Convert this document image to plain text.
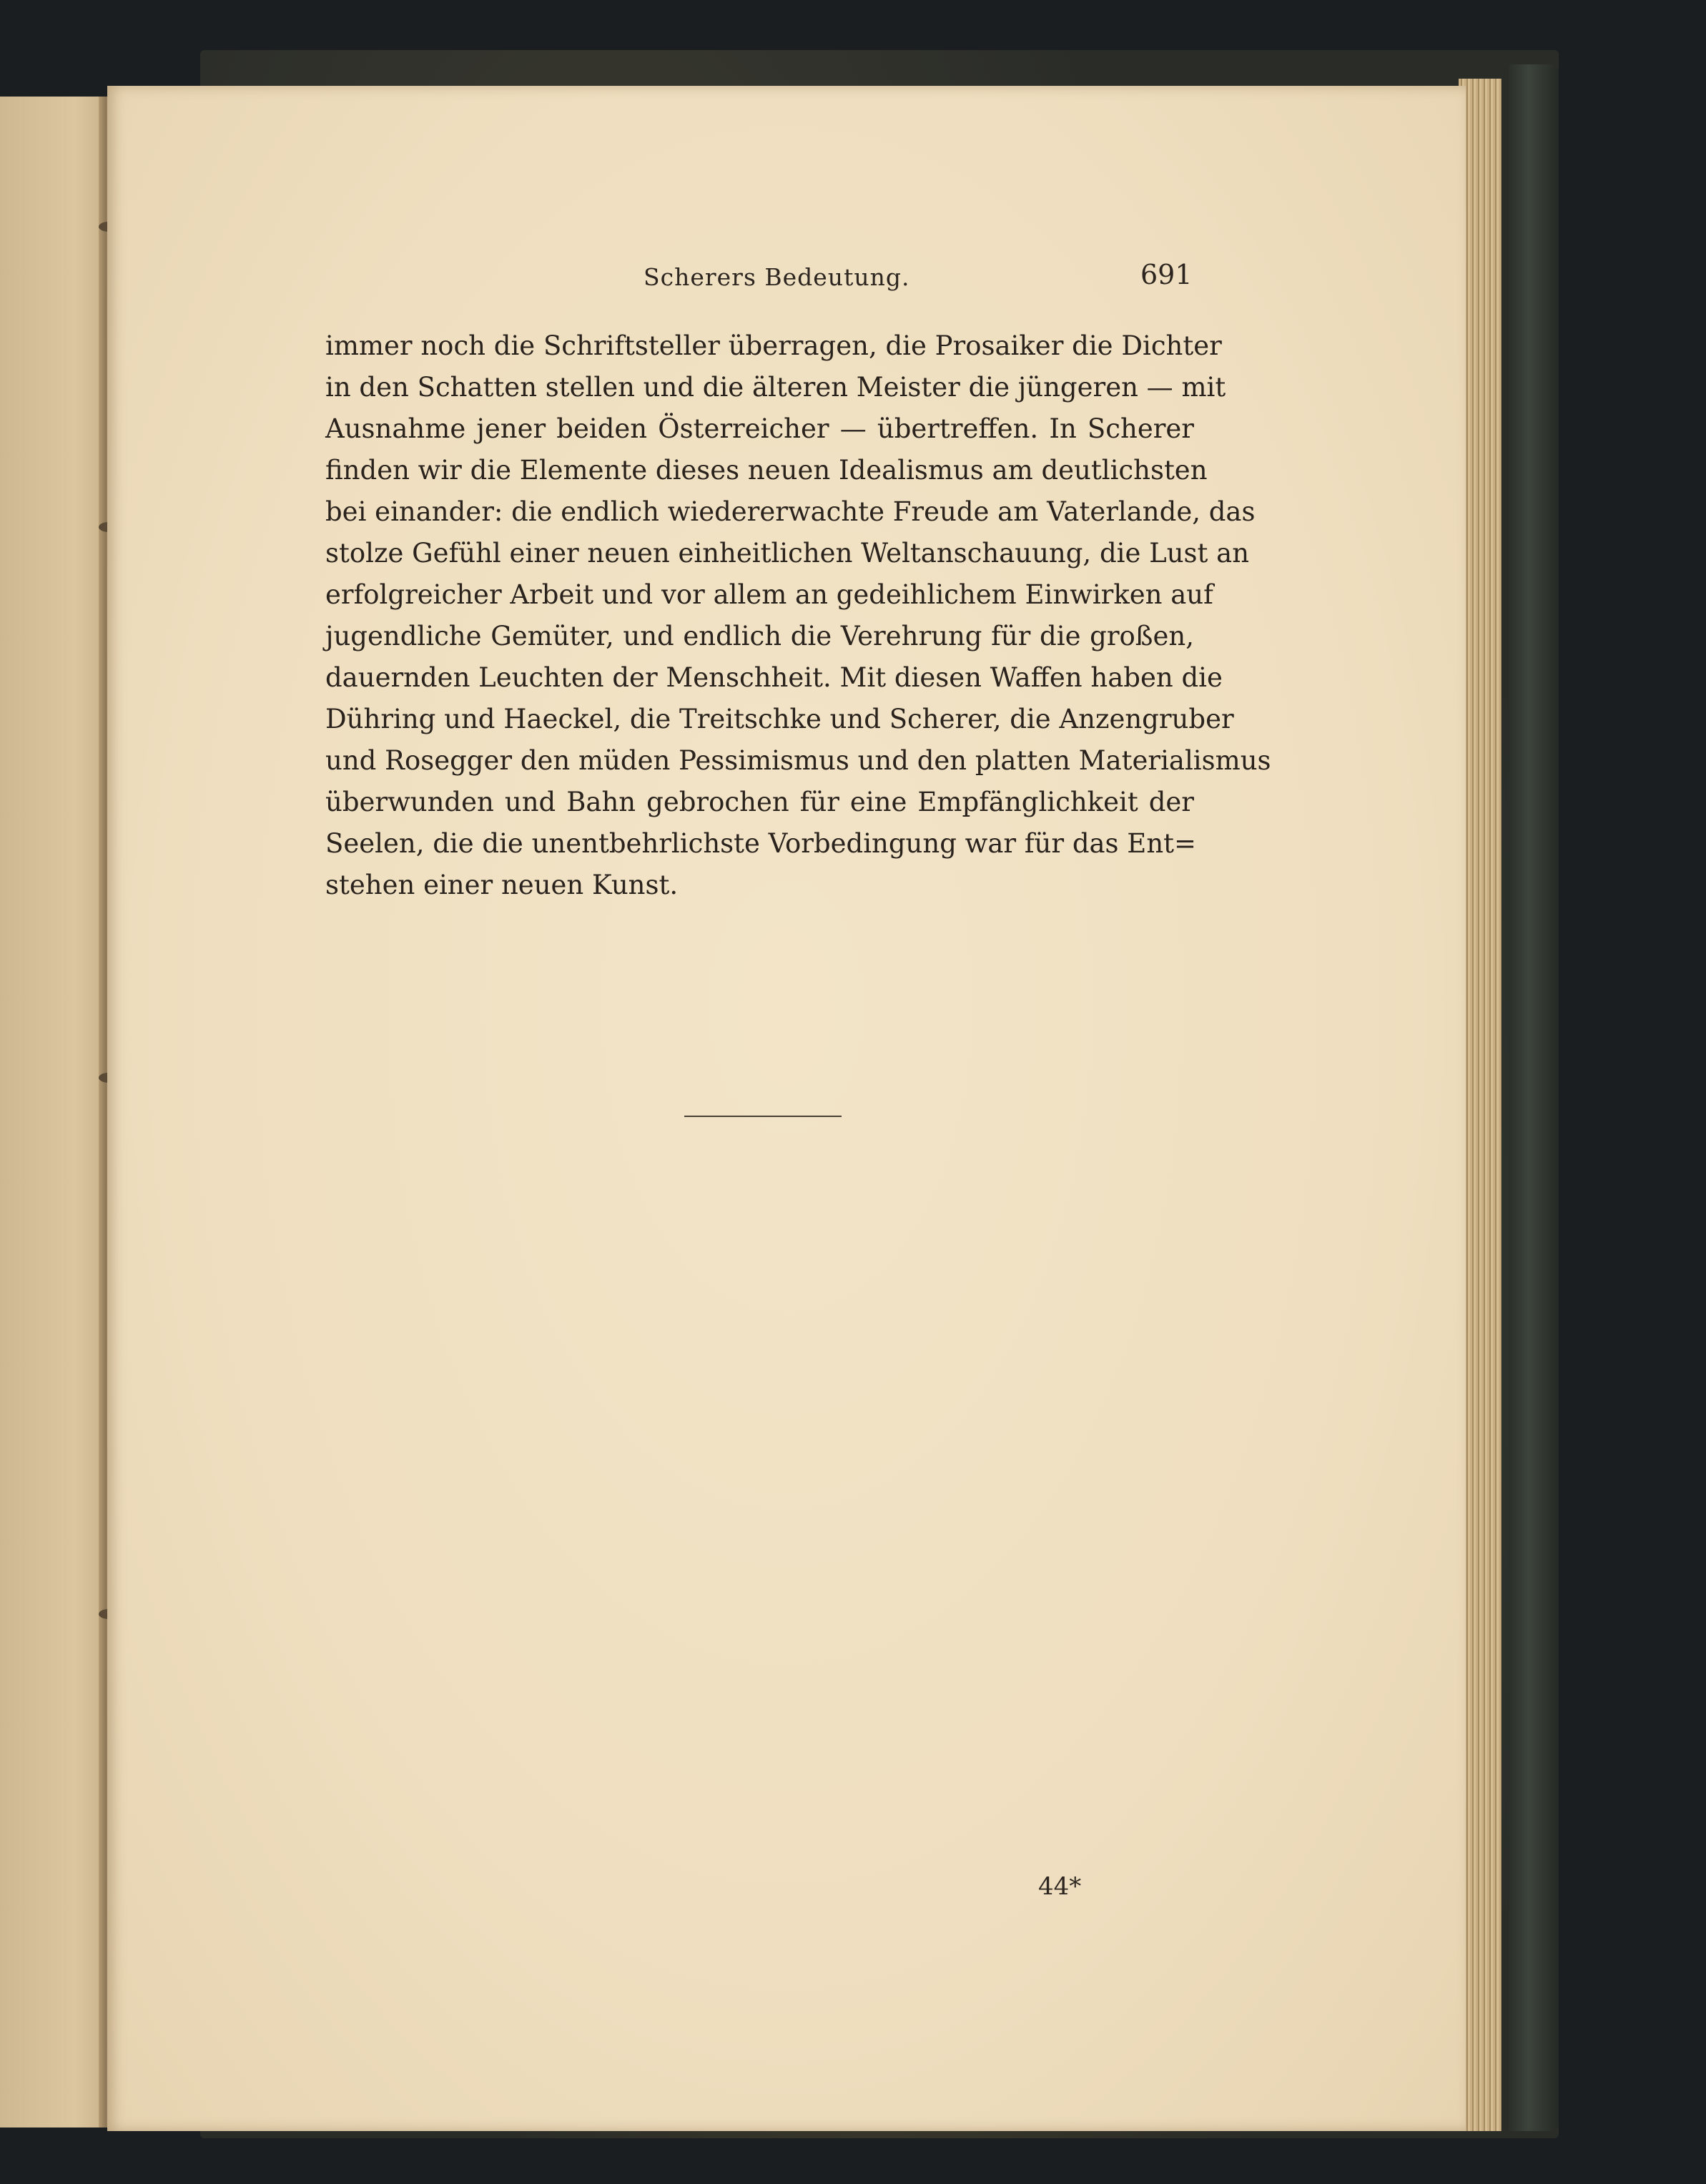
Scherers Bedeutung.	691
immer noch die Schriftsteller überragen, die Prosaiker die Dichter
in den Schatten stellen und die älteren Meister die jüngeren — mit
Ausnahme jener beiden Österreicher — übertreffen. In Scherer
finden wir die Elemente dieses neuen Idealismus am deutlichsten
bei einander: die endlich wiedererwachte Freude am Vaterlande, das
stolze Gefühl einer neuen einheitlichen Weltanschauung, die Lust an
erfolgreicher Arbeit und vor allem an gedeihlichem Einwirken auf
jugendliche Gemüter, und endlich die Verehrung für die großen,
dauernden Leuchten der Menschheit. Mit diesen Waffen haben die
Dühring und Haeckel, die Treitschke und Scherer, die Anzengruber
und Rosegger den müden Pessimismus und den platten Materialismus
überwunden und Bahn gebrochen für eine Empfänglichkeit der
Seelen, die die unentbehrlichste Vorbedingung war für das Ent=
stehen einer neuen Kunst.
44*
